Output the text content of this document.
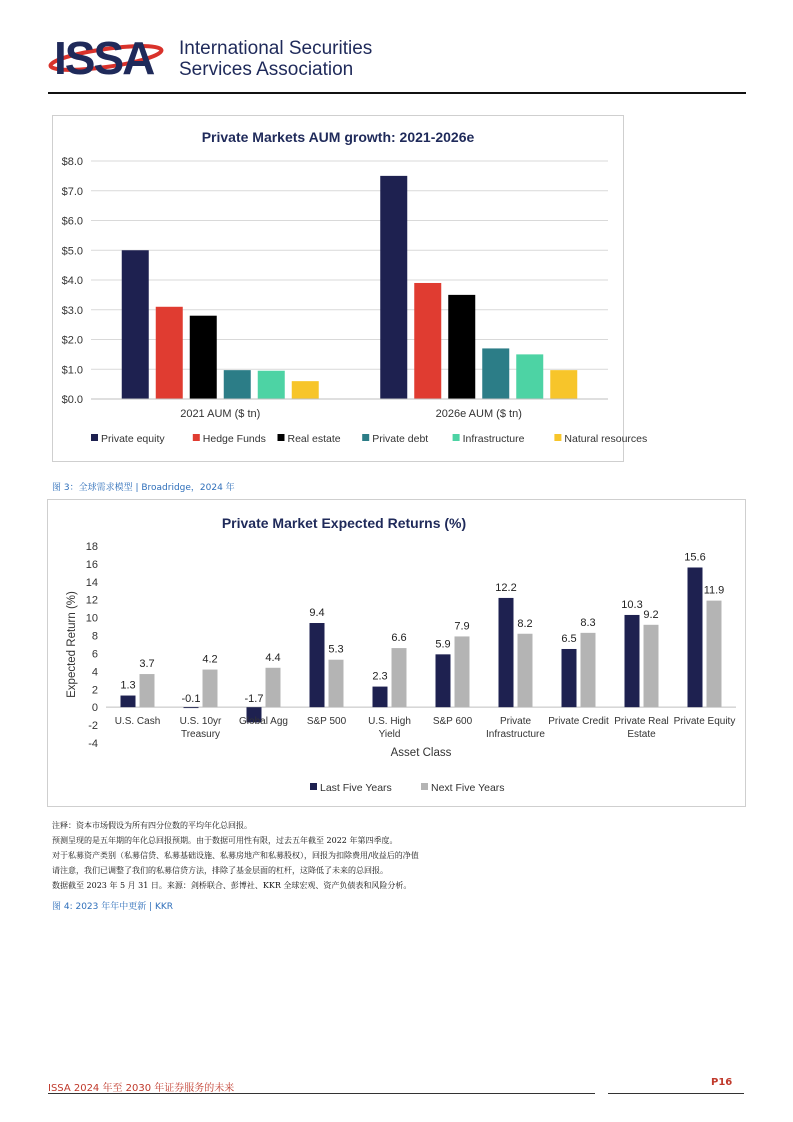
ISSA International Securities
Services Association
Private Markets AUM growth: 2021-2026e
$0.0
$1.0
$2.0
$3.0
$4.0
$5.0
$6.0
$7.0
$8.0
2021 AUM ($ tn)	2026e AUM ($ tn)
Private equity	Hedge Funds Real estate	Private debt	Infrastructure	Natural resources
图 3：全球需求模型 | Broadridge，2024 年
Private Market Expected Returns (%)
-4
-2
0
2
4
6
8
10
12
14
16
18
Expected Return (%)	1.3
3.7
U.S. Cash
-0.1
4.2
U.S. 10yr
Treasury
-1.7
4.4
Global Agg
9.4
5.3
S&P 500
2.3
6.6
U.S. High
Yield
5.9
7.9
S&P 600
12.2
8.2
Private
Infrastructure
6.5
8.3
Private Credit
10.3
9.2
Private Real
Estate
15.6
11.9
Private Equity
Asset Class
Last Five Years	Next Five Years
注释：资本市场假设为所有四分位数的平均年化总回报。
预测呈现的是五年期的年化总回报预期。由于数据可用性有限，过去五年截至 2022 年第四季度。
对于私募资产类别（私募信贷、私募基础设施、私募房地产和私募股权），回报为扣除费用/收益后的净值
请注意，我们已调整了我们的私募信贷方法，排除了基金层面的杠杆，这降低了未来的总回报。
数据截至 2023 年 5 月 31 日。来源：剑桥联合、彭博社、KKR 全球宏观、资产负债表和风险分析。
图 4: 2023 年年中更新 | KKR
ISSA 2024 年至 2030 年证券服务的未来
P16
